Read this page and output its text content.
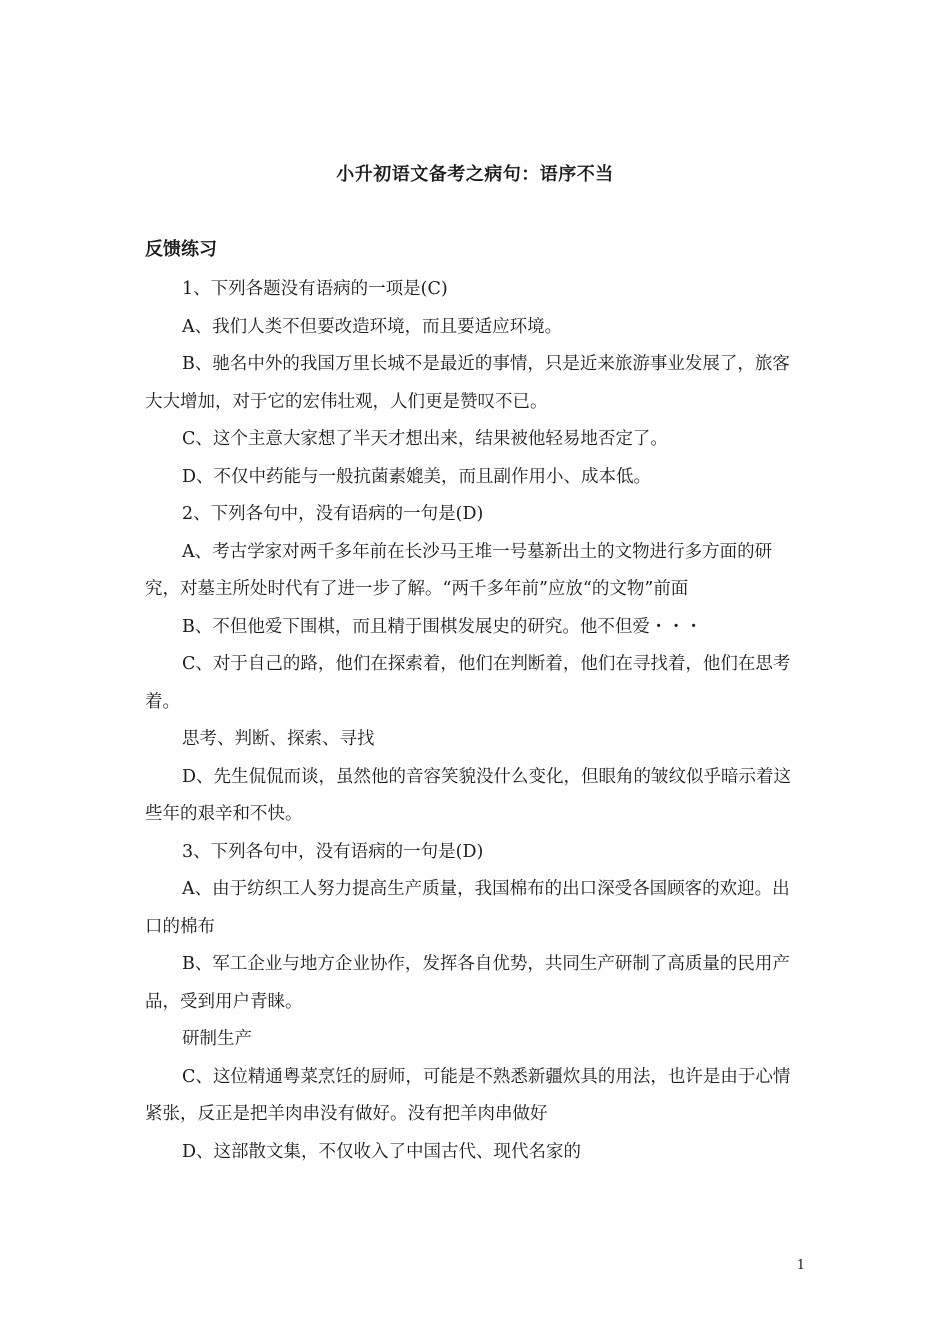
小升初语文备考之病句：语序不当
反馈练习

1、下列各题没有语病的一项是(C)

A、我们人类不但要改造环境，而且要适应环境。

B、驰名中外的我国万里长城不是最近的事情，只是近来旅游事业发展了，旅客大大增加，对于它的宏伟壮观，人们更是赞叹不已。

C、这个主意大家想了半天才想出来，结果被他轻易地否定了。

D、不仅中药能与一般抗菌素媲美，而且副作用小、成本低。

2、下列各句中，没有语病的一句是(D)

A、考古学家对两千多年前在长沙马王堆一号墓新出土的文物进行多方面的研究，对墓主所处时代有了进一步了解。“两千多年前”应放“的文物”前面

B、不但他爱下围棋，而且精于围棋发展史的研究。他不但爱・・・

C、对于自己的路，他们在探索着，他们在判断着，他们在寻找着，他们在思考着。

思考、判断、探索、寻找

D、先生侃侃而谈，虽然他的音容笑貌没什么变化，但眼角的皱纹似乎暗示着这些年的艰辛和不快。

3、下列各句中，没有语病的一句是(D)

A、由于纺织工人努力提高生产质量，我国棉布的出口深受各国顾客的欢迎。出口的棉布

B、军工企业与地方企业协作，发挥各自优势，共同生产研制了高质量的民用产品，受到用户青睐。

研制生产

C、这位精通粤菜烹饪的厨师，可能是不熟悉新疆炊具的用法，也许是由于心情紧张，反正是把羊肉串没有做好。没有把羊肉串做好

D、这部散文集，不仅收入了中国古代、现代名家的

1
